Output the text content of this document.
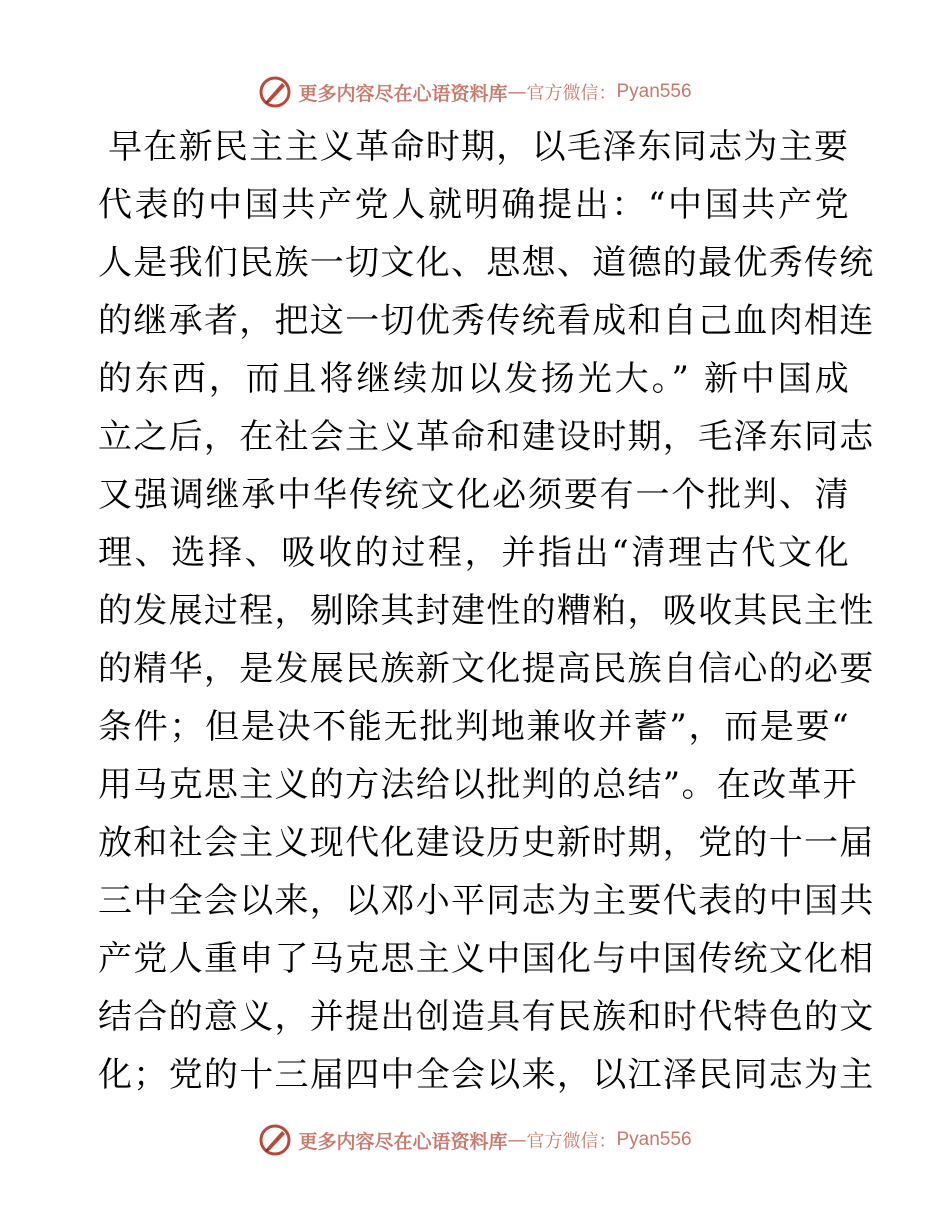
更多内容尽在心语资料库 — 官方微信： Pyan556
早在新民主主义革命时期，以毛泽东同志为主要
代表的中国共产党人就明确提出：“中国共产党
人是我们民族一切文化、思想、道德的最优秀传统
的继承者，把这一切优秀传统看成和自己血肉相连
的东西，而且将继续加以发扬光大。” 新中国成
立之后，在社会主义革命和建设时期，毛泽东同志
又强调继承中华传统文化必须要有一个批判、清
理、选择、吸收的过程，并指出“清理古代文化
的发展过程，剔除其封建性的糟粕，吸收其民主性
的精华，是发展民族新文化提高民族自信心的必要
条件；但是决不能无批判地兼收并蓄”，而是要“
用马克思主义的方法给以批判的总结”。在改革开
放和社会主义现代化建设历史新时期，党的十一届
三中全会以来，以邓小平同志为主要代表的中国共
产党人重申了马克思主义中国化与中国传统文化相
结合的意义，并提出创造具有民族和时代特色的文
化；党的十三届四中全会以来，以江泽民同志为主
更多内容尽在心语资料库 — 官方微信： Pyan556
